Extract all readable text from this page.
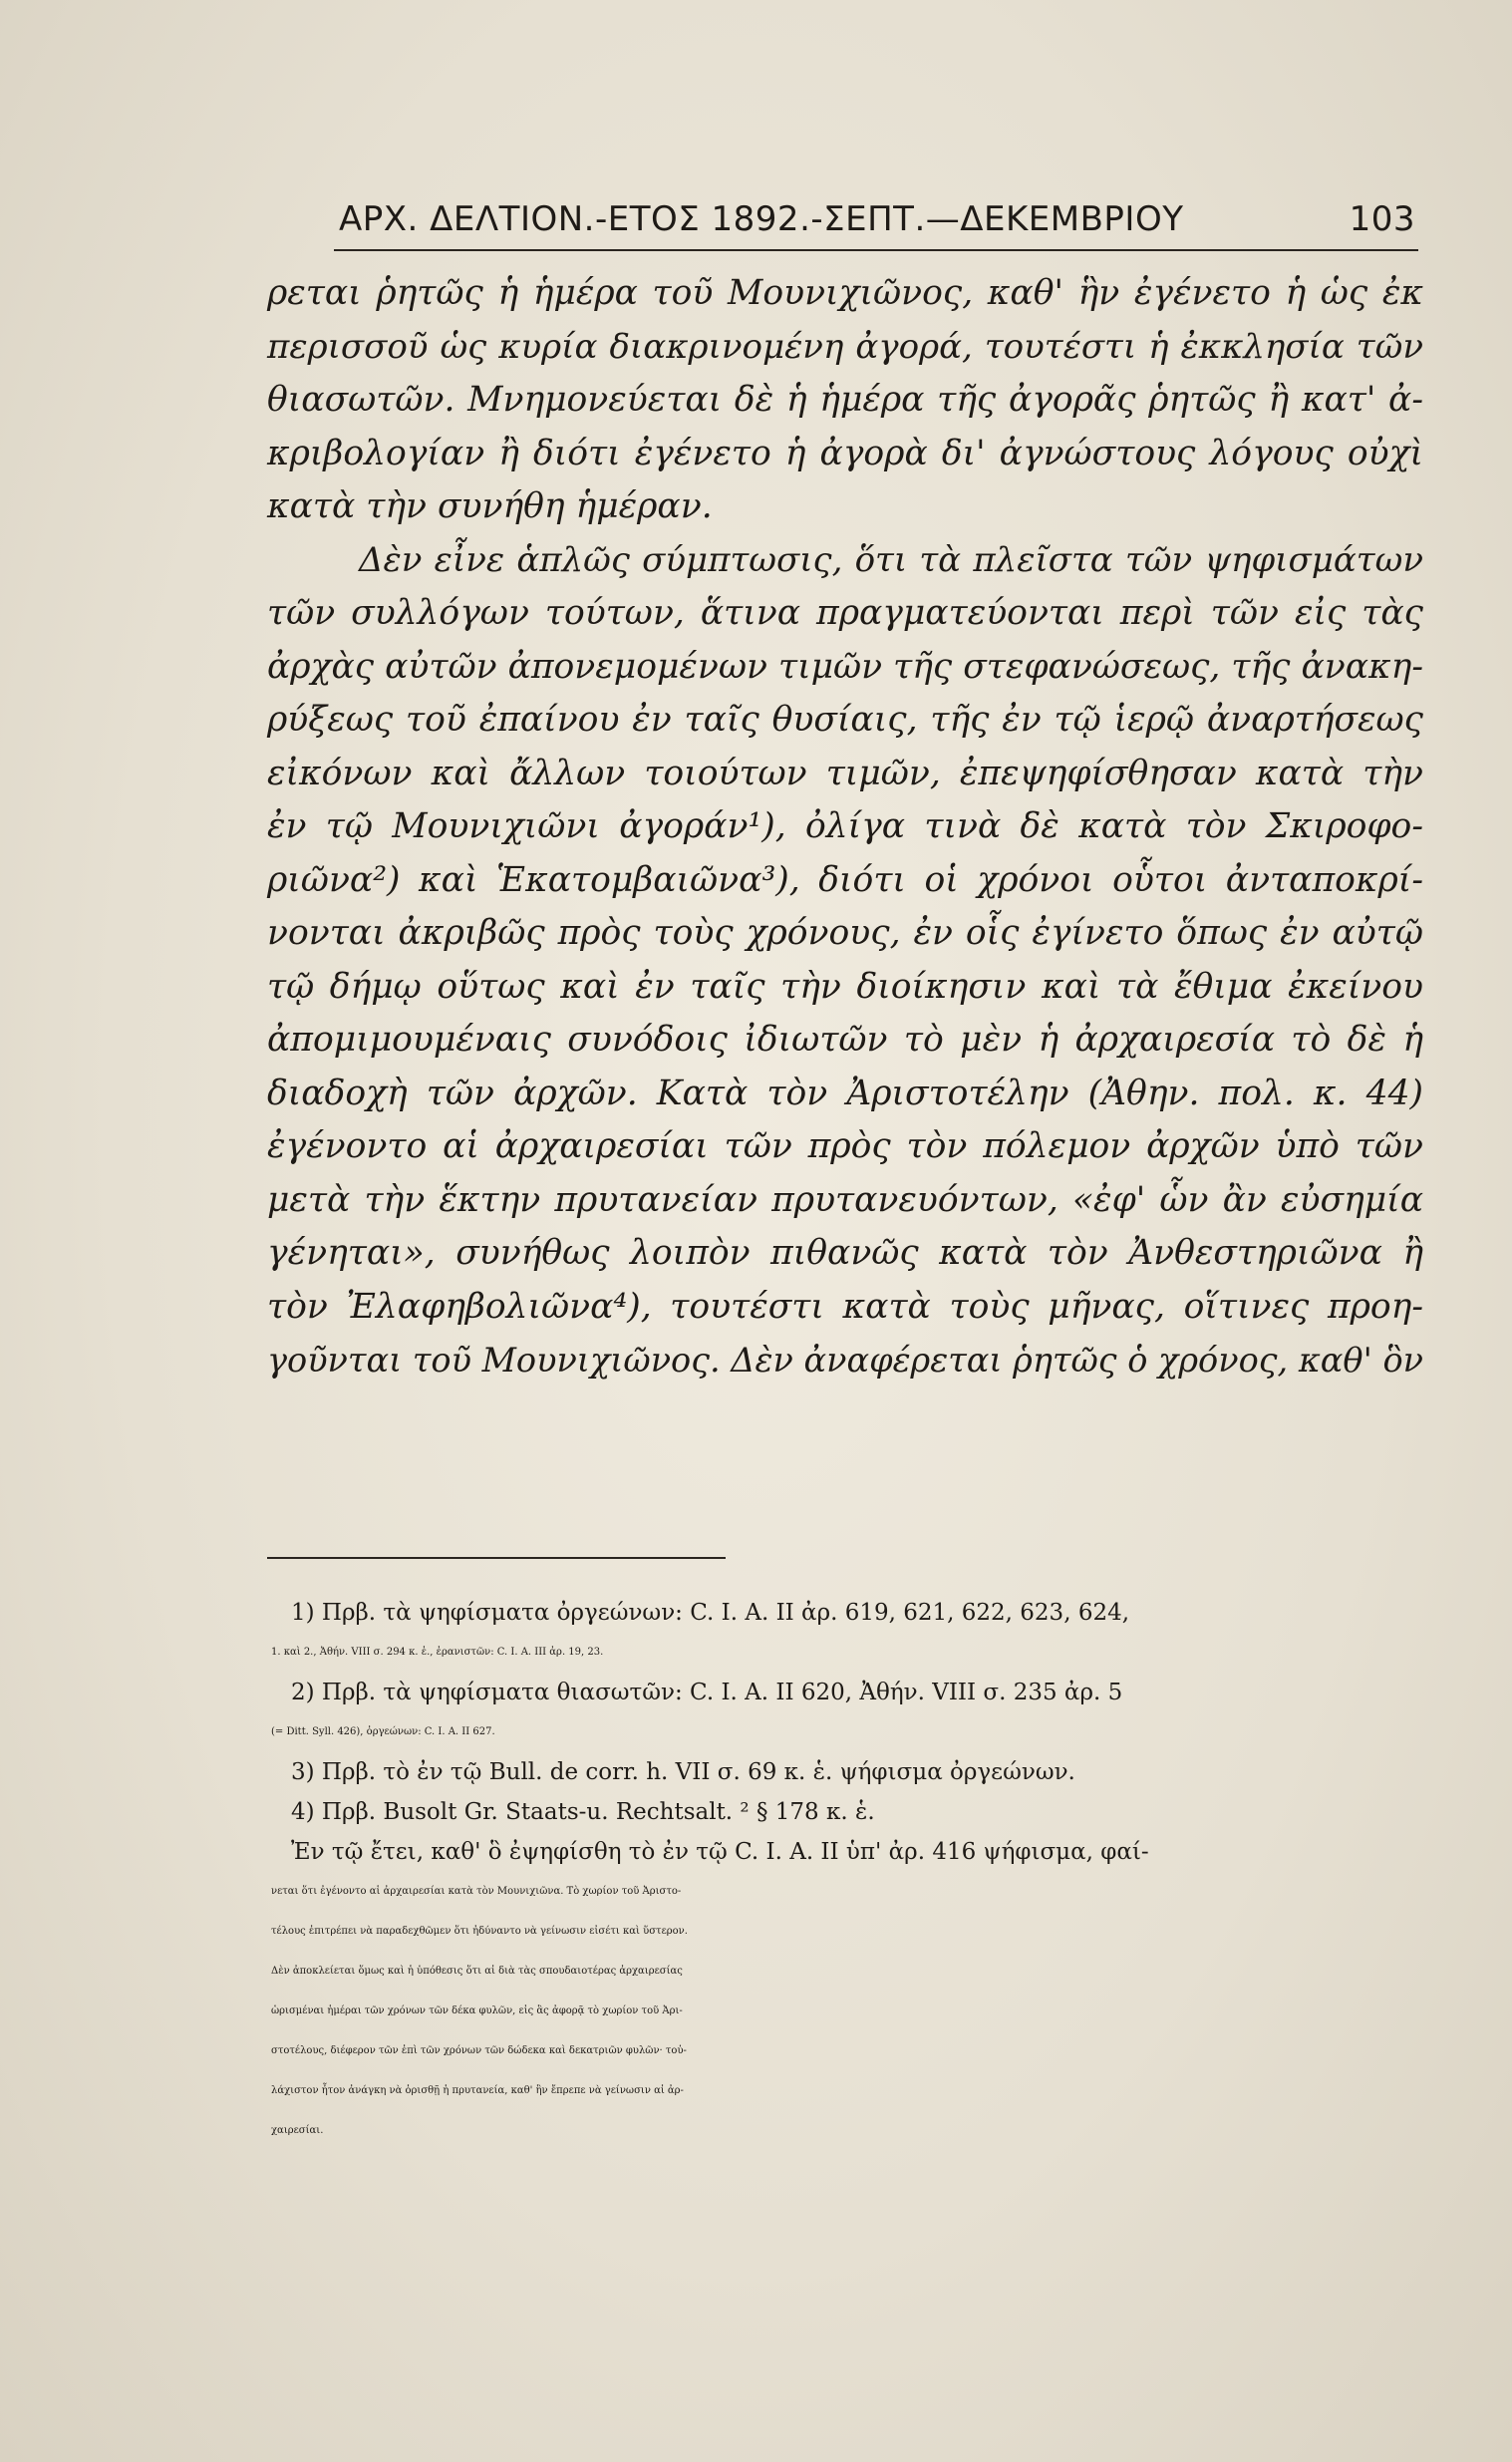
ΑΡΧ. ΔΕΛΤΙΟΝ.-ΕΤΟΣ 1892.-ΣΕΠΤ.—ΔΕΚΕΜΒΡΙΟΥ	103
ρεται ῥητῶς ἡ ἡμέρα τοῦ Μουνιχιῶνος, καθ' ἣν ἐγένετο ἡ ὡς ἐκ
περισσοῦ ὡς κυρία διακρινομένη ἀγορά, τουτέστι ἡ ἐκκλησία τῶν
θιασωτῶν. Μνημονεύεται δὲ ἡ ἡμέρα τῆς ἀγορᾶς ῥητῶς ἢ κατ' ἀ-
κριβολογίαν ἢ διότι ἐγένετο ἡ ἀγορὰ δι' ἀγνώστους λόγους οὐχὶ
κατὰ τὴν συνήθη ἡμέραν.
Δὲν εἶνε ἁπλῶς σύμπτωσις, ὅτι τὰ πλεῖστα τῶν ψηφισμάτων
τῶν συλλόγων τούτων, ἅτινα πραγματεύονται περὶ τῶν εἰς τὰς
ἀρχὰς αὐτῶν ἀπονεμομένων τιμῶν τῆς στεφανώσεως, τῆς ἀνακη-
ρύξεως τοῦ ἐπαίνου ἐν ταῖς θυσίαις, τῆς ἐν τῷ ἱερῷ ἀναρτήσεως
εἰκόνων καὶ ἄλλων τοιούτων τιμῶν, ἐπεψηφίσθησαν κατὰ τὴν
ἐν τῷ Μουνιχιῶνι ἀγοράν¹), ὀλίγα τινὰ δὲ κατὰ τὸν Σκιροφο-
ριῶνα²) καὶ Ἑκατομβαιῶνα³), διότι οἱ χρόνοι οὗτοι ἀνταποκρί-
νονται ἀκριβῶς πρὸς τοὺς χρόνους, ἐν οἷς ἐγίνετο ὅπως ἐν αὐτῷ
τῷ δήμῳ οὕτως καὶ ἐν ταῖς τὴν διοίκησιν καὶ τὰ ἔθιμα ἐκείνου
ἀπομιμουμέναις συνόδοις ἰδιωτῶν τὸ μὲν ἡ ἀρχαιρεσία τὸ δὲ ἡ
διαδοχὴ τῶν ἀρχῶν. Κατὰ τὸν Ἀριστοτέλην (Ἀθην. πολ. κ. 44)
ἐγένοντο αἱ ἀρχαιρεσίαι τῶν πρὸς τὸν πόλεμον ἀρχῶν ὑπὸ τῶν
μετὰ τὴν ἕκτην πρυτανείαν πρυτανευόντων, «ἐφ' ὧν ἂν εὐσημία
γένηται», συνήθως λοιπὸν πιθανῶς κατὰ τὸν Ἀνθεστηριῶνα ἢ
τὸν Ἐλαφηβολιῶνα⁴), τουτέστι κατὰ τοὺς μῆνας, οἵτινες προη-
γοῦνται τοῦ Μουνιχιῶνος. Δὲν ἀναφέρεται ῥητῶς ὁ χρόνος, καθ' ὃν
1) Πρβ. τὰ ψηφίσματα ὀργεώνων: C. I. A. II ἀρ. 619, 621, 622, 623, 624,
1. καὶ 2., Ἀθήν. VIII σ. 294 κ. ἑ., ἐρανιστῶν: C. I. A. III ἀρ. 19, 23.
2) Πρβ. τὰ ψηφίσματα θιασωτῶν: C. I. A. II 620, Ἀθήν. VIII σ. 235 ἀρ. 5
(= Ditt. Syll. 426), ὀργεώνων: C. I. A. II 627.
3) Πρβ. τὸ ἐν τῷ Bull. de corr. h. VII σ. 69 κ. ἑ. ψήφισμα ὀργεώνων.
4) Πρβ. Busolt Gr. Staats-u. Rechtsalt. ² § 178 κ. ἑ.
Ἐν τῷ ἔτει, καθ' ὃ ἐψηφίσθη τὸ ἐν τῷ C. I. A. II ὑπ' ἀρ. 416 ψήφισμα, φαί-
νεται ὅτι ἐγένοντο αἱ ἀρχαιρεσίαι κατὰ τὸν Μουνιχιῶνα. Τὸ χωρίον τοῦ Ἀριστο-
τέλους ἐπιτρέπει νὰ παραδεχθῶμεν ὅτι ἠδύναντο νὰ γείνωσιν εἰσέτι καὶ ὕστερον.
Δὲν ἀποκλείεται ὅμως καὶ ἡ ὑπόθεσις ὅτι αἱ διὰ τὰς σπουδαιοτέρας ἀρχαιρεσίας
ὡρισμέναι ἡμέραι τῶν χρόνων τῶν δέκα φυλῶν, εἰς ἃς ἀφορᾷ τὸ χωρίον τοῦ Ἀρι-
στοτέλους, διέφερον τῶν ἐπὶ τῶν χρόνων τῶν δώδεκα καὶ δεκατριῶν φυλῶν· τοὐ-
λάχιστον ἦτον ἀνάγκη νὰ ὁρισθῇ ἡ πρυτανεία, καθ' ἣν ἔπρεπε νὰ γείνωσιν αἱ ἀρ-
χαιρεσίαι.
